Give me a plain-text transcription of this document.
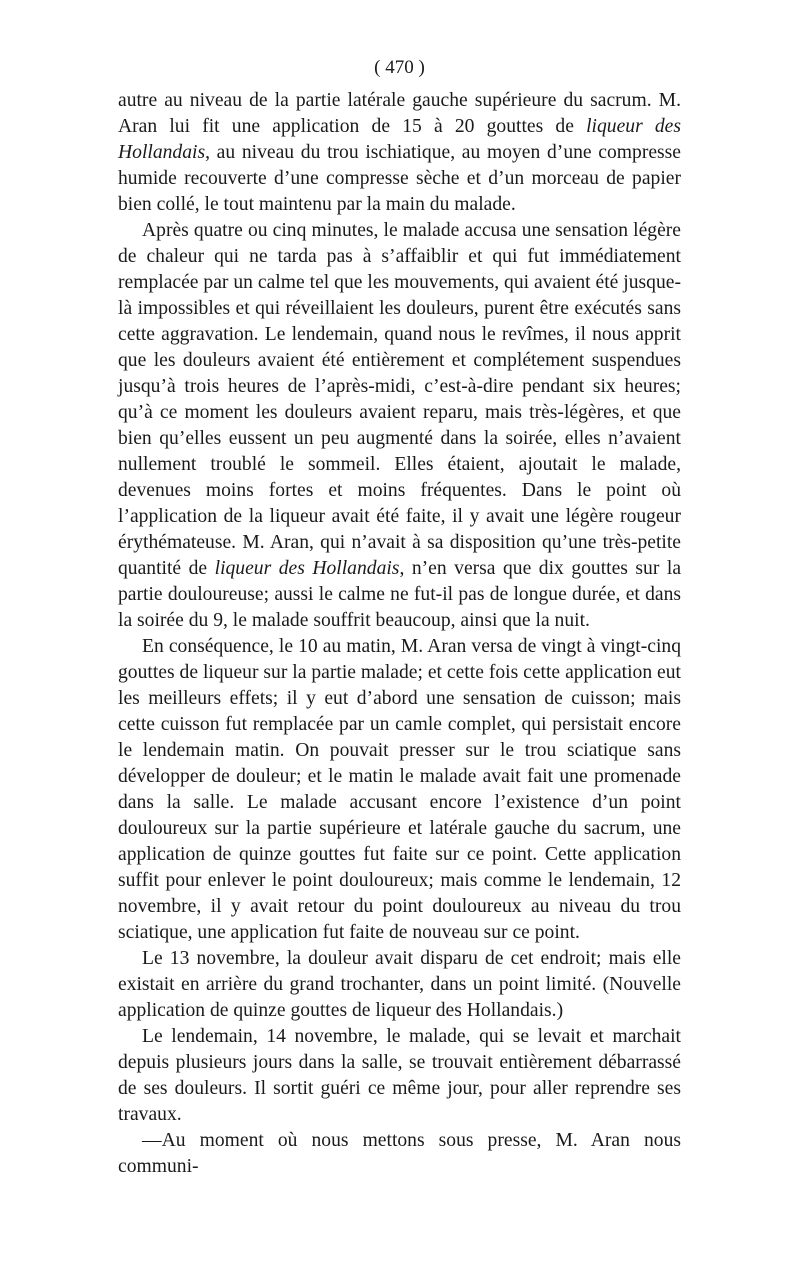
( 470 )

autre au niveau de la partie latérale gauche supérieure du sacrum. M. Aran lui fit une application de 15 à 20 gouttes de liqueur des Hollandais, au niveau du trou ischiatique, au moyen d’une compresse humide recouverte d’une compresse sèche et d’un morceau de papier bien collé, le tout maintenu par la main du malade.

Après quatre ou cinq minutes, le malade accusa une sensation légère de chaleur qui ne tarda pas à s’affaiblir et qui fut immédiatement remplacée par un calme tel que les mouvements, qui avaient été jusque-là impossibles et qui réveillaient les douleurs, purent être exécutés sans cette aggravation. Le lendemain, quand nous le revîmes, il nous apprit que les douleurs avaient été entièrement et complétement suspendues jusqu’à trois heures de l’après-midi, c’est-à-dire pendant six heures; qu’à ce moment les douleurs avaient reparu, mais très-légères, et que bien qu’elles eussent un peu augmenté dans la soirée, elles n’avaient nullement troublé le sommeil. Elles étaient, ajoutait le malade, devenues moins fortes et moins fréquentes. Dans le point où l’application de la liqueur avait été faite, il y avait une légère rougeur érythémateuse. M. Aran, qui n’avait à sa disposition qu’une très-petite quantité de liqueur des Hollandais, n’en versa que dix gouttes sur la partie douloureuse; aussi le calme ne fut-il pas de longue durée, et dans la soirée du 9, le malade souffrit beaucoup, ainsi que la nuit.

En conséquence, le 10 au matin, M. Aran versa de vingt à vingt-cinq gouttes de liqueur sur la partie malade; et cette fois cette application eut les meilleurs effets; il y eut d’abord une sensation de cuisson; mais cette cuisson fut remplacée par un camle complet, qui persistait encore le lendemain matin. On pouvait presser sur le trou sciatique sans développer de douleur; et le matin le malade avait fait une promenade dans la salle. Le malade accusant encore l’existence d’un point douloureux sur la partie supérieure et latérale gauche du sacrum, une application de quinze gouttes fut faite sur ce point. Cette application suffit pour enlever le point douloureux; mais comme le lendemain, 12 novembre, il y avait retour du point douloureux au niveau du trou sciatique, une application fut faite de nouveau sur ce point.

Le 13 novembre, la douleur avait disparu de cet endroit; mais elle existait en arrière du grand trochanter, dans un point limité. (Nouvelle application de quinze gouttes de liqueur des Hollandais.)

Le lendemain, 14 novembre, le malade, qui se levait et marchait depuis plusieurs jours dans la salle, se trouvait entièrement débarrassé de ses douleurs. Il sortit guéri ce même jour, pour aller reprendre ses travaux.

—Au moment où nous mettons sous presse, M. Aran nous communi-
